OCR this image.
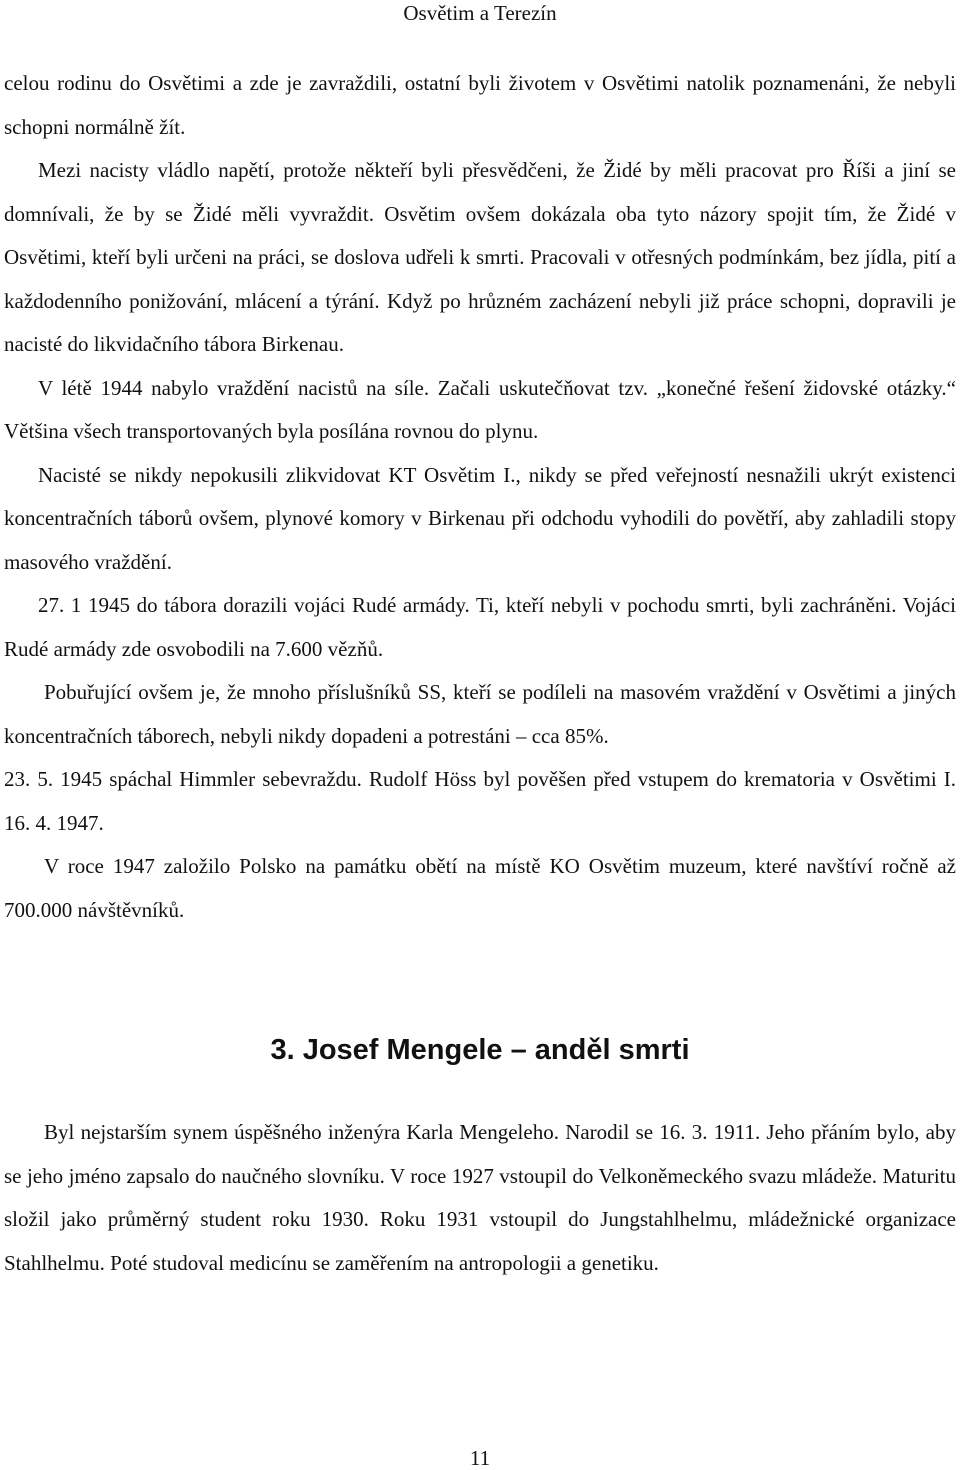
Osvětim a Terezín

celou rodinu do Osvětimi a zde je zavraždili, ostatní byli životem v Osvětimi natolik poznamenáni, že nebyli schopni normálně žít.

Mezi nacisty vládlo napětí, protože někteří byli přesvědčeni, že Židé by měli pracovat pro Říši a jiní se domnívali, že by se Židé měli vyvraždit. Osvětim ovšem dokázala oba tyto názory spojit tím, že Židé v Osvětimi, kteří byli určeni na práci, se doslova udřeli k smrti. Pracovali v otřesných podmínkám, bez jídla, pití a každodenního ponižování, mlácení a týrání. Když po hrůzném zacházení nebyli již práce schopni, dopravili je nacisté do likvidačního tábora Birkenau.

V létě 1944 nabylo vraždění nacistů na síle. Začali uskutečňovat tzv. „konečné řešení židovské otázky.“ Většina všech transportovaných byla posílána rovnou do plynu.

Nacisté se nikdy nepokusili zlikvidovat KT Osvětim I., nikdy se před veřejností nesnažili ukrýt existenci koncentračních táborů ovšem, plynové komory v Birkenau při odchodu vyhodili do povětří, aby zahladili stopy masového vraždění.

27. 1 1945 do tábora dorazili vojáci Rudé armády. Ti, kteří nebyli v pochodu smrti, byli zachráněni. Vojáci Rudé armády zde osvobodili na 7.600 vězňů.

Pobuřující ovšem je, že mnoho příslušníků SS, kteří se podíleli na masovém vraždění v Osvětimi a jiných koncentračních táborech, nebyli nikdy dopadeni a potrestáni – cca 85%.

23. 5. 1945 spáchal Himmler sebevraždu. Rudolf Höss byl pověšen před vstupem do krematoria v Osvětimi I. 16. 4. 1947.

V roce 1947 založilo Polsko na památku obětí na místě KO Osvětim muzeum, které navštíví ročně až 700.000 návštěvníků.

3. Josef Mengele – anděl smrti

Byl nejstarším synem úspěšného inženýra Karla Mengeleho. Narodil se 16. 3. 1911. Jeho přáním bylo, aby se jeho jméno zapsalo do naučného slovníku. V roce 1927 vstoupil do Velkoněmeckého svazu mládeže. Maturitu složil jako průměrný student roku 1930. Roku 1931 vstoupil do Jungstahlhelmu, mládežnické organizace Stahlhelmu. Poté studoval medicínu se zaměřením na antropologii a genetiku.

11
